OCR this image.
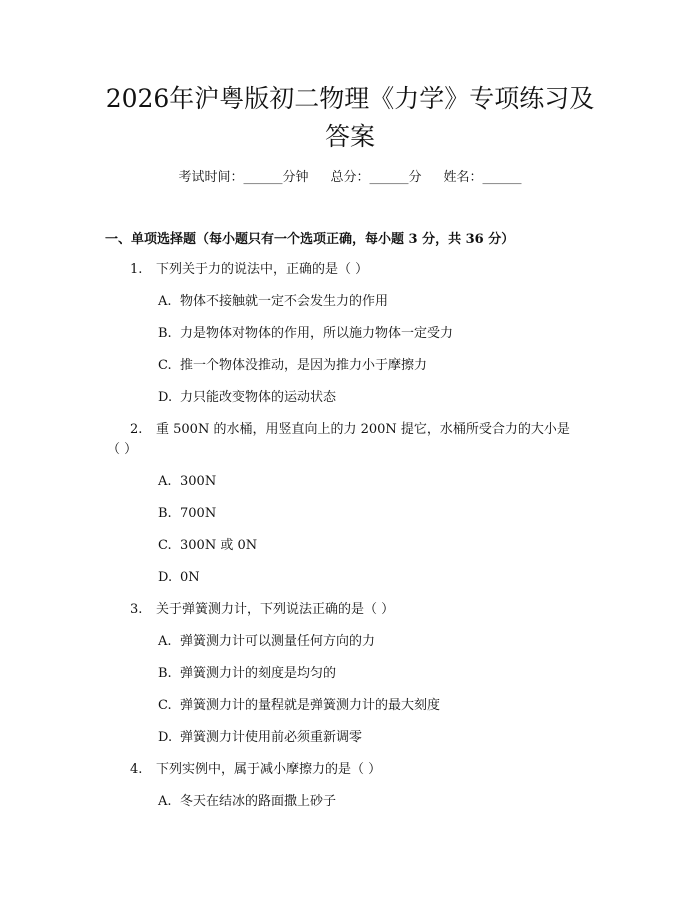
2026年沪粤版初二物理《力学》专项练习及
答案
考试时间：______分钟 总分：______分 姓名：______
一、单项选择题（每小题只有一个选项正确，每小题 3 分，共 36 分）
1. 下列关于力的说法中，正确的是（ ）
A. 物体不接触就一定不会发生力的作用
B. 力是物体对物体的作用，所以施力物体一定受力
C. 推一个物体没推动，是因为推力小于摩擦力
D. 力只能改变物体的运动状态
2. 重 500N 的水桶，用竖直向上的力 200N 提它，水桶所受合力的大小是
（ ）
A. 300N
B. 700N
C. 300N 或 0N
D. 0N
3. 关于弹簧测力计，下列说法正确的是（ ）
A. 弹簧测力计可以测量任何方向的力
B. 弹簧测力计的刻度是均匀的
C. 弹簧测力计的量程就是弹簧测力计的最大刻度
D. 弹簧测力计使用前必须重新调零
4. 下列实例中，属于减小摩擦力的是（ ）
A. 冬天在结冰的路面撒上砂子
